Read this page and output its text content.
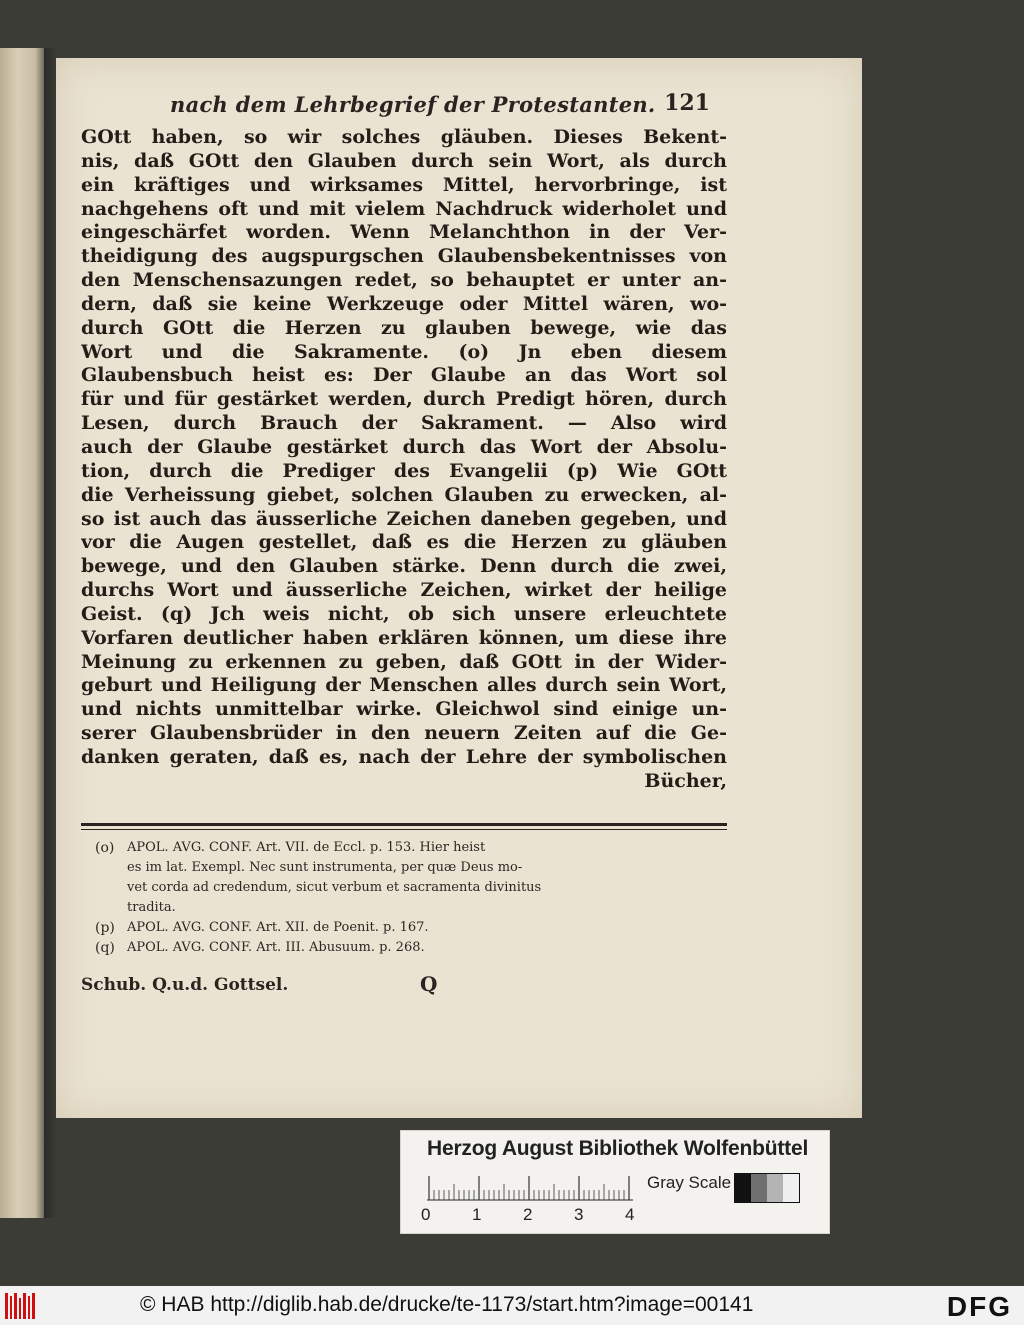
nach dem Lehrbegrief der Protestanten. 121
GOtt haben, so wir solches gläuben. Dieses Bekent-
nis, daß GOtt den Glauben durch sein Wort, als durch
ein kräftiges und wirksames Mittel, hervorbringe, ist
nachgehens oft und mit vielem Nachdruck widerholet und
eingeschärfet worden. Wenn Melanchthon in der Ver-
theidigung des augspurgschen Glaubensbekentnisses von
den Menschensazungen redet, so behauptet er unter an-
dern, daß sie keine Werkzeuge oder Mittel wären, wo-
durch GOtt die Herzen zu glauben bewege, wie das
Wort und die Sakramente. (o) Jn eben diesem
Glaubensbuch heist es: Der Glaube an das Wort sol
für und für gestärket werden, durch Predigt hören, durch
Lesen, durch Brauch der Sakrament. — Also wird
auch der Glaube gestärket durch das Wort der Absolu-
tion, durch die Prediger des Evangelii (p) Wie GOtt
die Verheissung giebet, solchen Glauben zu erwecken, al-
so ist auch das äusserliche Zeichen daneben gegeben, und
vor die Augen gestellet, daß es die Herzen zu gläuben
bewege, und den Glauben stärke. Denn durch die zwei,
durchs Wort und äusserliche Zeichen, wirket der heilige
Geist. (q) Jch weis nicht, ob sich unsere erleuchtete
Vorfaren deutlicher haben erklären können, um diese ihre
Meinung zu erkennen zu geben, daß GOtt in der Wider-
geburt und Heiligung der Menschen alles durch sein Wort,
und nichts unmittelbar wirke. Gleichwol sind einige un-
serer Glaubensbrüder in den neuern Zeiten auf die Ge-
danken geraten, daß es, nach der Lehre der symbolischen
Bücher,
(o) APOL. AVG. CONF. Art. VII. de Eccl. p. 153. Hier heist
es im lat. Exempl. Nec sunt instrumenta, per quæ Deus mo-
vet corda ad credendum, sicut verbum et sacramenta divinitus
tradita.
(p) APOL. AVG. CONF. Art. XII. de Poenit. p. 167.
(q) APOL. AVG. CONF. Art. III. Abusuum. p. 268.
Schub. Q.u.d. Gottsel.	Q
Herzog August Bibliothek Wolfenbüttel
0 1 2 3 4
Gray Scale
© HAB http://diglib.hab.de/drucke/te-1173/start.htm?image=00141	DFG
